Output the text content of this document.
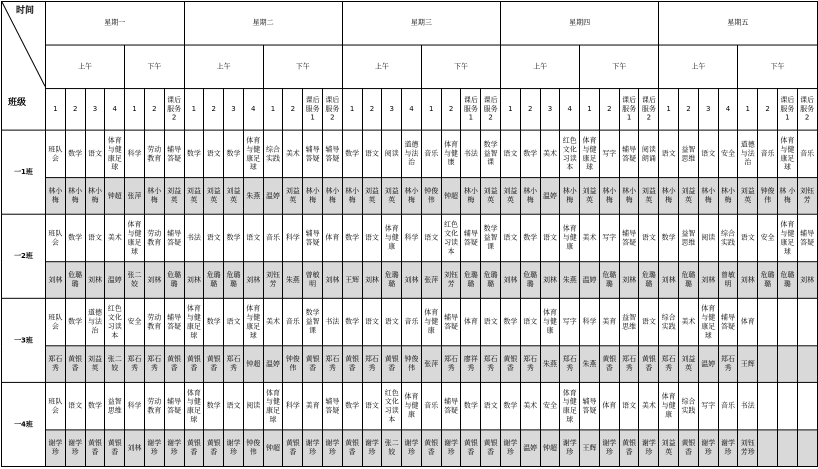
时间
班级	星期一							星期二								星期三								星期四								星期五							
	上午				下午			上午				下午				上午				下午				上午				下午				上午				下午			
	1	2	3	4	1	2	课后服务2	1	2	3	4	1	2	课后服务1	课后服务2	1	2	3	4	1	2	课后服务1	课后服务2	1	2	3	4	1	2	课后服务1	课后服务2	1	2	3	4	1	2	课后服务1	课后服务2
一1班	班队会	数学	语文	体育与健康足球	科学	劳动教育	辅导答疑	数学	语文	数学	体育与健康足球	综合实践	美术	辅导答疑	辅导答疑	数学	语文	阅读	道德与法治	音乐	体育与健康	书法	数学益智课	语文	数学	美术	红色文化习读本	体育与健康足球	写字	辅导答疑	阅读朗诵	语文	益智思维	语文	安全	道德与法治	音乐	体育与健康足球	音乐
	林小梅	林小梅	林小梅	钟超	张萍	林小梅	刘益英	刘益英	刘益英	刘益英	朱燕	温婷	刘益英	林小梅	林小梅	林小梅	刘益英	刘益英	林小梅	钟俊伟	钟超	林小梅	刘益英	刘益英	林小梅	温婷	林小梅	刘益英	林小梅	林小梅	刘益英	林小梅	刘益英	林小梅	林小梅	刘益英	钟俊伟	林 小梅	刘钰芳
一2班	班队会	数学	语文	美术	体育与健康足球	劳动教育	辅导答疑	书法	语文	数学	语文	音乐	科学	辅导答疑	体育	数学	语文	体育与健康	科学	语文	红色文化习读本	辅导答疑	数学益智课	语文	数学	语文	体育与健康	美术	写字	辅导答疑	语文	数学	益智思维	阅读	综合实践	语文	安全	体育与健康足球	辅导答疑
	刘林	危璐璐	刘林	温婷	张二姣	刘林	危璐璐	刘林	危璐璐	危璐璐	刘林	刘钰芳	朱燕	曾敏明	刘林	王辉	刘林	危璐璐	刘林	张萍	刘钰芳	危璐璐	危璐璐	刘林	危璐璐	刘林	朱燕	温婷	危璐璐	刘林	危璐璐	刘林	危璐璐	刘林	曾敏明	刘林	危璐璐	危璐璐	刘林
一3班	班队会	数学	道德与法治	红色文化习读本	安全	劳动教育	辅导答疑	体育与健康足球	数学	语文	体育与健康足球	美术	音乐	数学益智课	书法	数学	语文	语文	音乐	体育与健康	辅导答疑	体育	语文	数学	语文	体育与健康	写字	科学	美育	益智思维	语文	综合实践	美术	体育与健康足球	辅导答疑	体育			
	郑石秀	黄银香	刘益英	张二姣	郑石秀	郑石秀	黄银香	黄银香	黄银香	郑石秀	钟超	温婷	钟俊伟	黄银香	郑石秀	黄银香	郑石秀	黄银香	钟俊伟	张萍	郑石秀	廖祥秀	郑石秀	黄银香	郑石秀	朱燕	郑石秀	朱燕	黄银香	郑石秀	黄银香	郑石秀	刘益英	温婷	郑石秀	王辉			
一4班	班队会	语文	数学	益智思维	科学	劳动教育	辅导答疑	体育与健康足球	数学	语文	阅读	体育与健康足球	科学	美育	辅导答疑	数学	语文	红色文化习读本	体育与健康	音乐	辅导答疑	数学	语文	数学	美术	安全	体育与健康足球	辅导答疑	体育	语文	美术	体育与健康	综合实践	写字	音乐	书法			
	谢学珍	谢学珍	黄银香	黄银香	刘林	谢学珍	谢学珍	黄银香	黄银香	谢学珍	钟俊伟	钟超	黄银香	谢学珍	谢学珍	黄银香	谢学珍	张二姣	谢学珍	黄银香	谢学珍	黄银香	黄银香	谢学珍	温婷	钟超	谢学珍	王辉	谢学珍	黄银香	谢学珍	刘益英	黄银香	谢学珍	谢学珍	刘钰芳珍			
